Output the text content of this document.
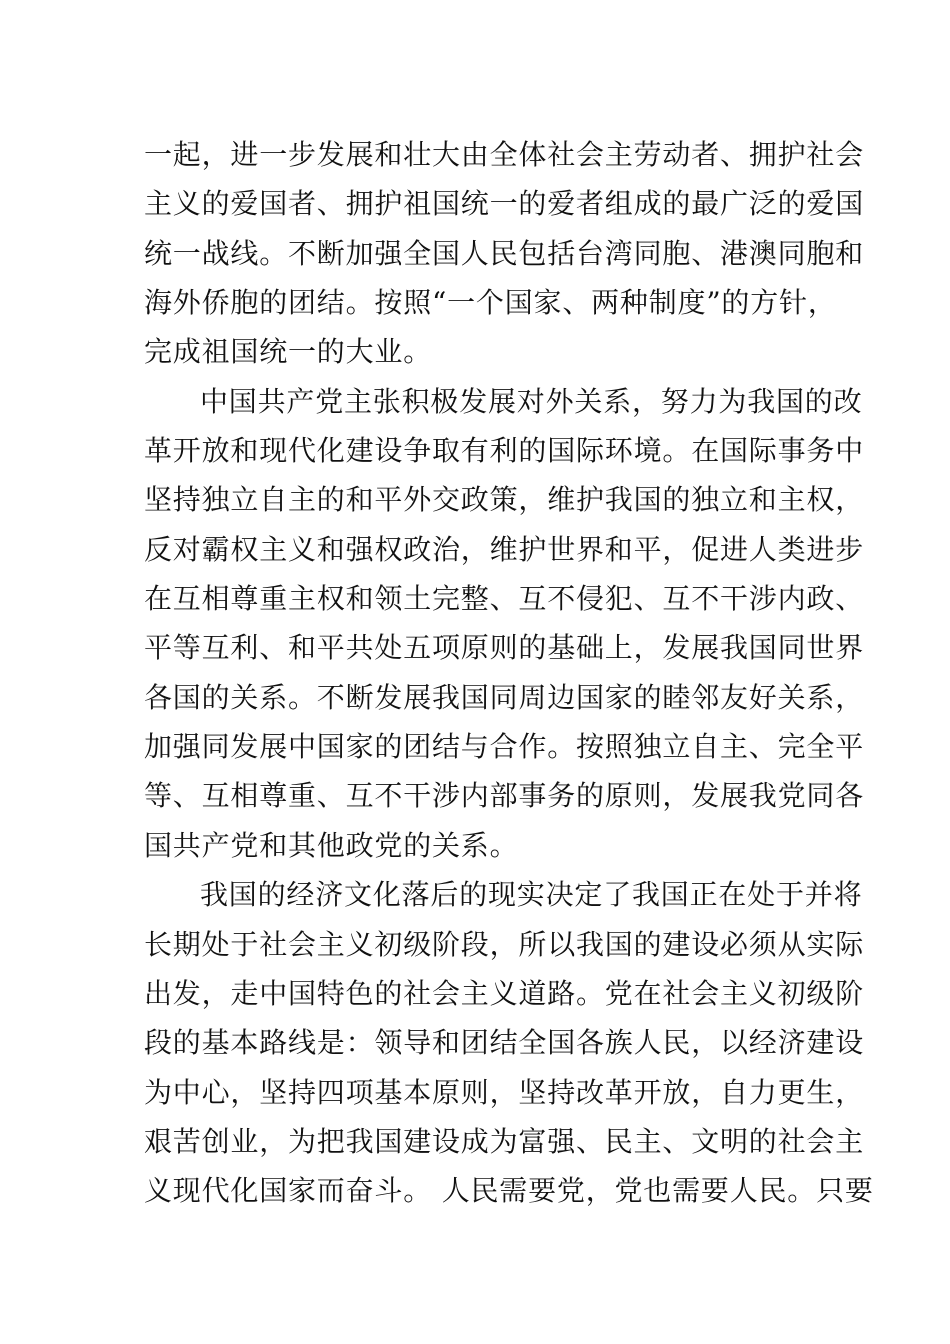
一起，进一步发展和壮大由全体社会主劳动者、拥护社会
主义的爱国者、拥护祖国统一的爱者组成的最广泛的爱国
统一战线。不断加强全国人民包括台湾同胞、港澳同胞和
海外侨胞的团结。按照“一个国家、两种制度”的方针，
完成祖国统一的大业。
中国共产党主张积极发展对外关系，努力为我国的改
革开放和现代化建设争取有利的国际环境。在国际事务中
坚持独立自主的和平外交政策，维护我国的独立和主权，
反对霸权主义和强权政治，维护世界和平，促进人类进步
在互相尊重主权和领土完整、互不侵犯、互不干涉内政、
平等互利、和平共处五项原则的基础上，发展我国同世界
各国的关系。不断发展我国同周边国家的睦邻友好关系，
加强同发展中国家的团结与合作。按照独立自主、完全平
等、互相尊重、互不干涉内部事务的原则，发展我党同各
国共产党和其他政党的关系。
我国的经济文化落后的现实决定了我国正在处于并将
长期处于社会主义初级阶段，所以我国的建设必须从实际
出发，走中国特色的社会主义道路。党在社会主义初级阶
段的基本路线是：领导和团结全国各族人民，以经济建设
为中心，坚持四项基本原则，坚持改革开放，自力更生，
艰苦创业，为把我国建设成为富强、民主、文明的社会主
义现代化国家而奋斗。 人民需要党，党也需要人民。只要
